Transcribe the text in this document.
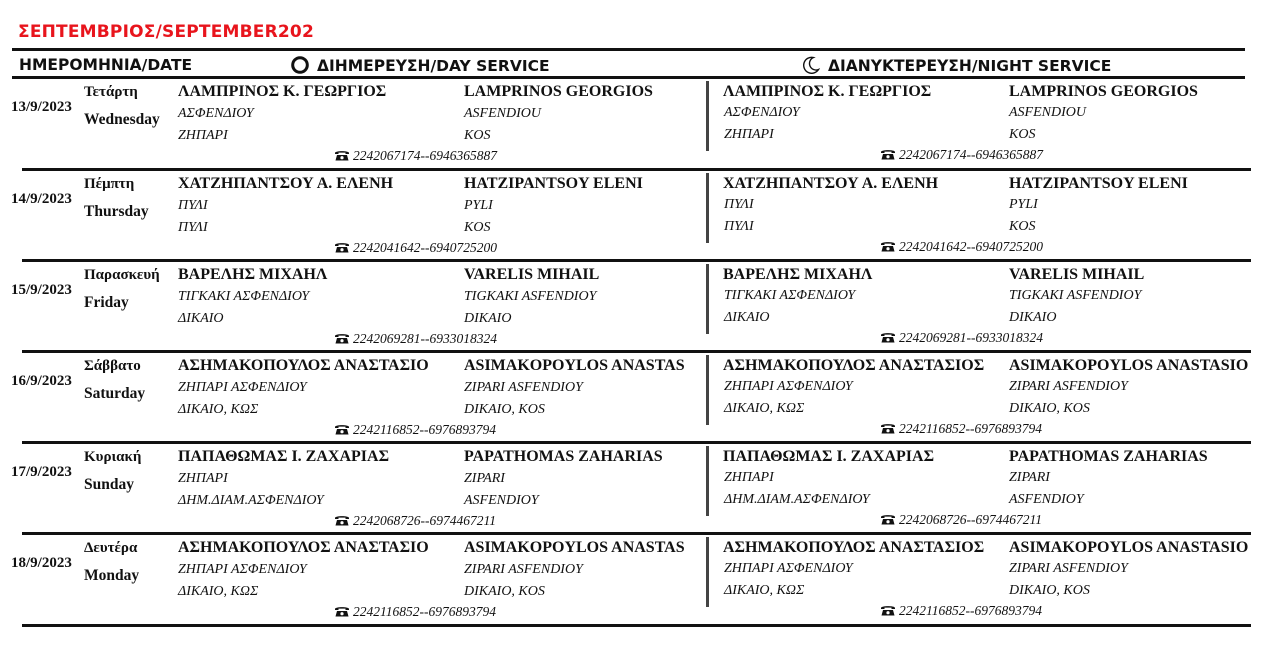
ΣΕΠΤΕΜΒΡΙΟΣ/SEPTEMBER202
ΗΜΕΡΟΜΗΝΙΑ/DATE	ΔΙΗΜΕΡΕΥΣΗ/DAY SERVICE	ΔΙΑΝΥΚΤΕΡΕΥΣΗ/NIGHT SERVICE
13/9/2023
Τετάρτη
Wednesday
ΛΑΜΠΡΙΝΟΣ Κ. ΓΕΩΡΓΙΟΣ
ΑΣΦΕΝΔΙΟΥ
ΖΗΠΑΡΙ
LAMPRINOS GEORGIOS
ASFENDIOU
KOS
2242067174--6946365887
ΛΑΜΠΡΙΝΟΣ Κ. ΓΕΩΡΓΙΟΣ
ΑΣΦΕΝΔΙΟΥ
ΖΗΠΑΡΙ
LAMPRINOS GEORGIOS
ASFENDIOU
KOS
2242067174--6946365887
14/9/2023
Πέμπτη
Thursday
ΧΑΤΖΗΠΑΝΤΣΟΥ Α. ΕΛΕΝΗ
ΠΥΛΙ
ΠΥΛΙ
HATZIPANTSOY ELENI
PYLI
KOS
2242041642--6940725200
ΧΑΤΖΗΠΑΝΤΣΟΥ Α. ΕΛΕΝΗ
ΠΥΛΙ
ΠΥΛΙ
HATZIPANTSOY ELENI
PYLI
KOS
2242041642--6940725200
15/9/2023
Παρασκευή
Friday
ΒΑΡΕΛΗΣ ΜΙΧΑΗΛ
ΤΙΓΚΑΚΙ ΑΣΦΕΝΔΙΟΥ
ΔΙΚΑΙΟ
VARELIS MIHAIL
TIGKAKI ASFENDIOY
DIKAIO
2242069281--6933018324
ΒΑΡΕΛΗΣ ΜΙΧΑΗΛ
ΤΙΓΚΑΚΙ ΑΣΦΕΝΔΙΟΥ
ΔΙΚΑΙΟ
VARELIS MIHAIL
TIGKAKI ASFENDIOY
DIKAIO
2242069281--6933018324
16/9/2023
Σάββατο
Saturday
ΑΣΗΜΑΚΟΠΟΥΛΟΣ ΑΝΑΣΤΑΣΙΟ
ΖΗΠΑΡΙ ΑΣΦΕΝΔΙΟΥ
ΔΙΚΑΙΟ, ΚΩΣ
ASIMAKOPOYLOS ANASTAS
ZIPARI ASFENDIOY
DIKAIO, KOS
2242116852--6976893794
ΑΣΗΜΑΚΟΠΟΥΛΟΣ ΑΝΑΣΤΑΣΙΟΣ
ΖΗΠΑΡΙ ΑΣΦΕΝΔΙΟΥ
ΔΙΚΑΙΟ, ΚΩΣ
ASIMAKOPOYLOS ANASTASIO
ZIPARI ASFENDIOY
DIKAIO, KOS
2242116852--6976893794
17/9/2023
Κυριακή
Sunday
ΠΑΠΑΘΩΜΑΣ Ι. ΖΑΧΑΡΙΑΣ
ΖΗΠΑΡΙ
ΔΗΜ.ΔΙΑΜ.ΑΣΦΕΝΔΙΟΥ
PAPATHOMAS ZAHARIAS
ZIPARI
ASFENDIOY
2242068726--6974467211
ΠΑΠΑΘΩΜΑΣ Ι. ΖΑΧΑΡΙΑΣ
ΖΗΠΑΡΙ
ΔΗΜ.ΔΙΑΜ.ΑΣΦΕΝΔΙΟΥ
PAPATHOMAS ZAHARIAS
ZIPARI
ASFENDIOY
2242068726--6974467211
18/9/2023
Δευτέρα
Monday
ΑΣΗΜΑΚΟΠΟΥΛΟΣ ΑΝΑΣΤΑΣΙΟ
ΖΗΠΑΡΙ ΑΣΦΕΝΔΙΟΥ
ΔΙΚΑΙΟ, ΚΩΣ
ASIMAKOPOYLOS ANASTAS
ZIPARI ASFENDIOY
DIKAIO, KOS
2242116852--6976893794
ΑΣΗΜΑΚΟΠΟΥΛΟΣ ΑΝΑΣΤΑΣΙΟΣ
ΖΗΠΑΡΙ ΑΣΦΕΝΔΙΟΥ
ΔΙΚΑΙΟ, ΚΩΣ
ASIMAKOPOYLOS ANASTASIO
ZIPARI ASFENDIOY
DIKAIO, KOS
2242116852--6976893794
